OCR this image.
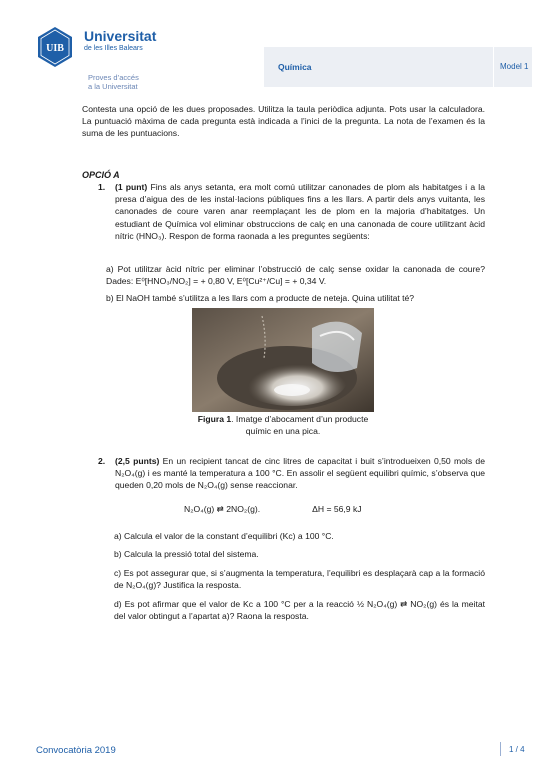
UIB
Universitat
de les Illes Balears
Proves d’accés
a la Universitat
Química	Model 1
Contesta una opció de les dues proposades. Utilitza la taula periòdica adjunta. Pots usar la calculadora. La puntuació màxima de cada pregunta està indicada a l’inici de la pregunta. La nota de l’examen és la suma de les puntuacions.
OPCIÓ A
1. (1 punt) Fins als anys setanta, era molt comú utilitzar canonades de plom als habitatges i a la presa d’aigua des de les instal·lacions públiques fins a les llars. A partir dels anys vuitanta, les canonades de coure varen anar reemplaçant les de plom en la majoria d’habitatges. Un estudiant de Química vol eliminar obstruccions de calç en una canonada de coure utilitzant àcid nítric (HNO₃). Respon de forma raonada a les preguntes següents:
a) Pot utilitzar àcid nítric per eliminar l’obstrucció de calç sense oxidar la canonada de coure? Dades: E⁰[HNO₃/NO₂] = + 0,80 V, E⁰[Cu²⁺/Cu] = + 0,34 V.
b) El NaOH també s’utilitza a les llars com a producte de neteja. Quina utilitat té?
Figura 1. Imatge d’abocament d’un producte químic en una pica.
2. (2,5 punts) En un recipient tancat de cinc litres de capacitat i buit s’introdueixen 0,50 mols de N₂O₄(g) i es manté la temperatura a 100 °C. En assolir el següent equilibri químic, s’observa que queden 0,20 mols de N₂O₄(g) sense reaccionar.
N₂O₄(g) ⇄ 2NO₂(g).	ΔH = 56,9 kJ
a) Calcula el valor de la constant d’equilibri (Kc) a 100 °C.
b) Calcula la pressió total del sistema.
c) Es pot assegurar que, si s’augmenta la temperatura, l’equilibri es desplaçarà cap a la formació de N₂O₄(g)? Justifica la resposta.
d) Es pot afirmar que el valor de Kc a 100 °C per a la reacció ½ N₂O₄(g) ⇄ NO₂(g) és la meitat del valor obtingut a l’apartat a)? Raona la resposta.
Convocatòria 2019	1 / 4
